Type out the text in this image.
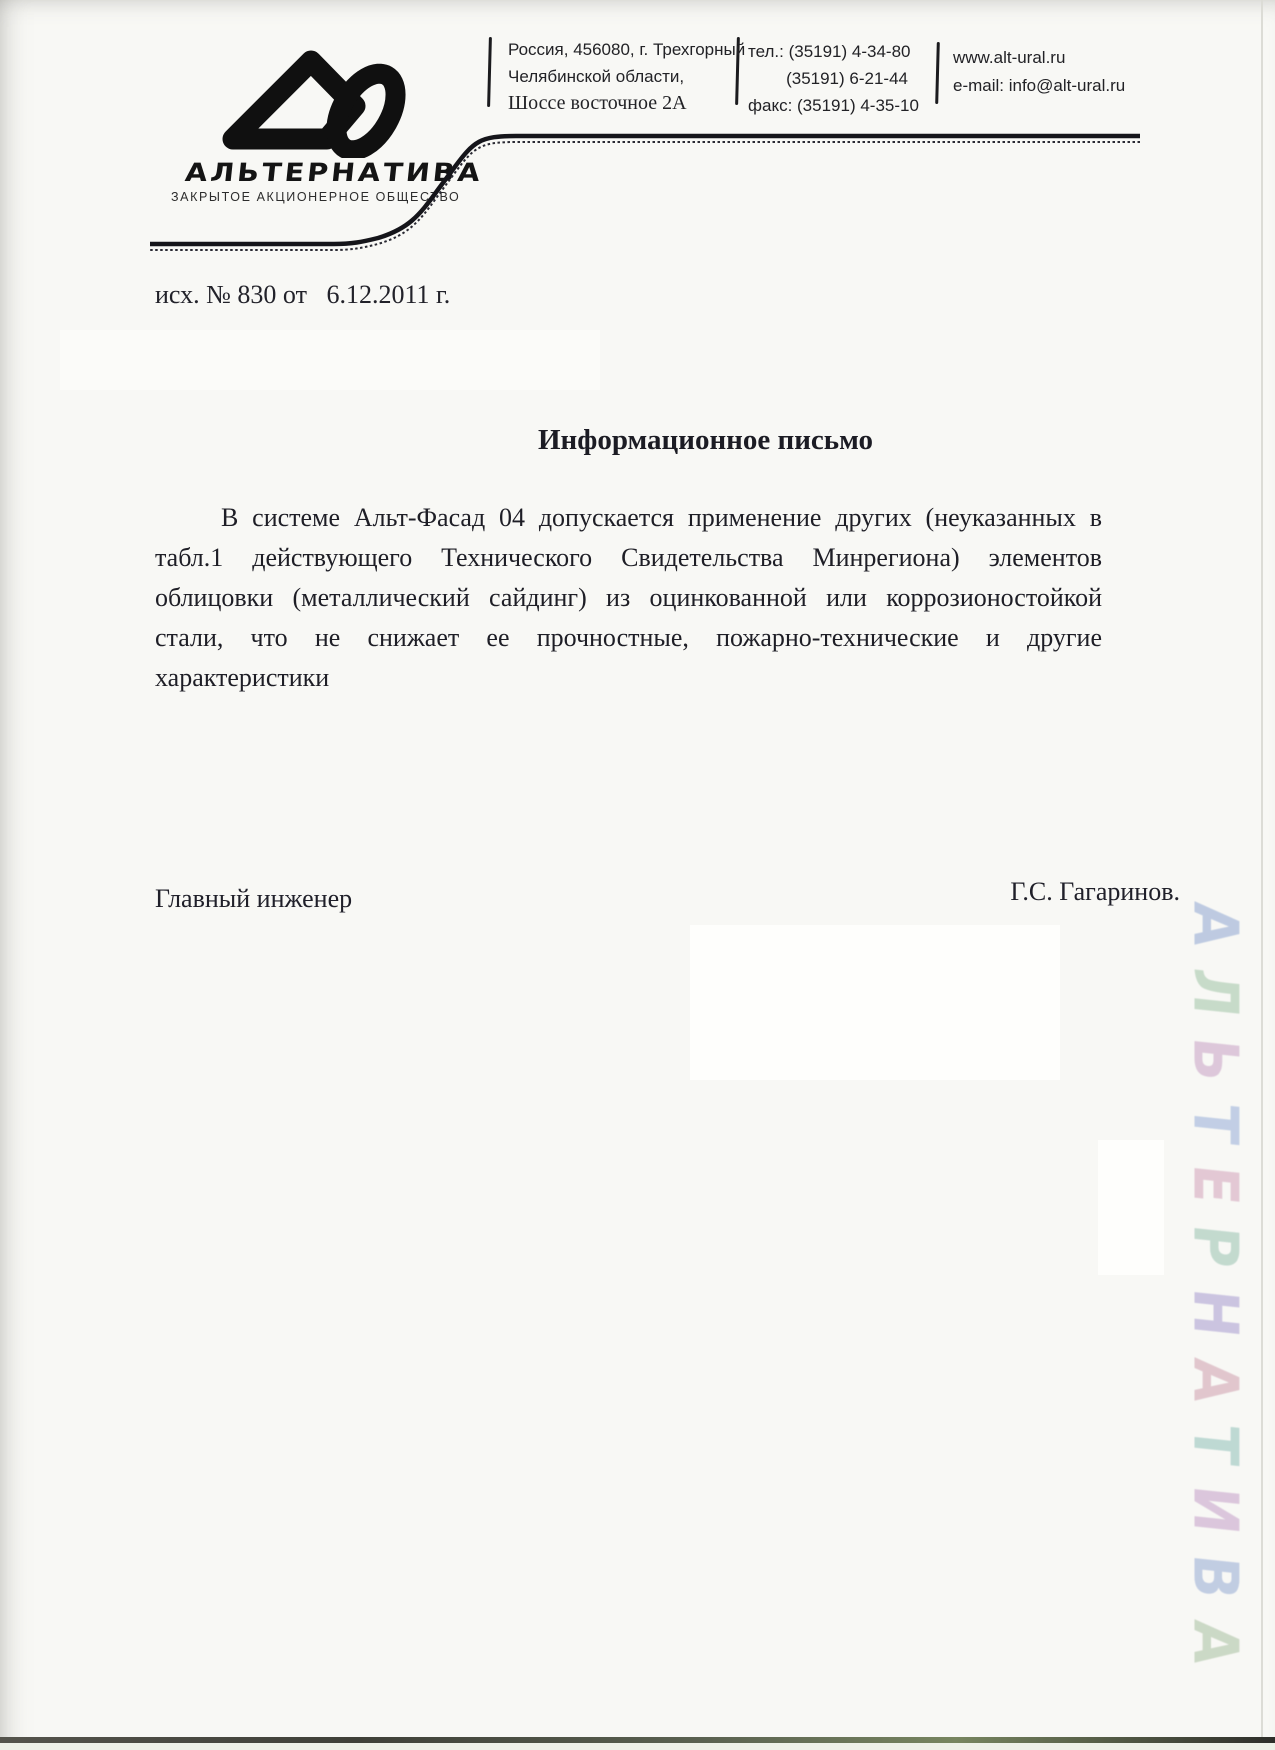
АЛЬТЕРНАТИВА
ЗАКРЫТОЕ АКЦИОНЕРНОЕ ОБЩЕСТВО
Россия, 456080, г. Трехгорный
Челябинской области,
Шоссе восточное 2А
тел.: (35191) 4-34-80
(35191) 6-21-44
факс: (35191) 4-35-10
www.alt-ural.ru
e-mail: info@alt-ural.ru
исх. № 830 от   6.12.2011 г.
Информационное письмо
В системе Альт-Фасад 04 допускается применение других (неуказанных в
табл.1 действующего Технического Свидетельства Минрегиона) элементов
облицовки (металлический сайдинг) из оцинкованной или коррозионостойкой
стали, что не снижает ее прочностные, пожарно-технические и другие
характеристики
Главный инженер	Г.С. Гагаринов.
А
Л
Ь
Т
Е
Р
Н
А
Т
И
В
А
